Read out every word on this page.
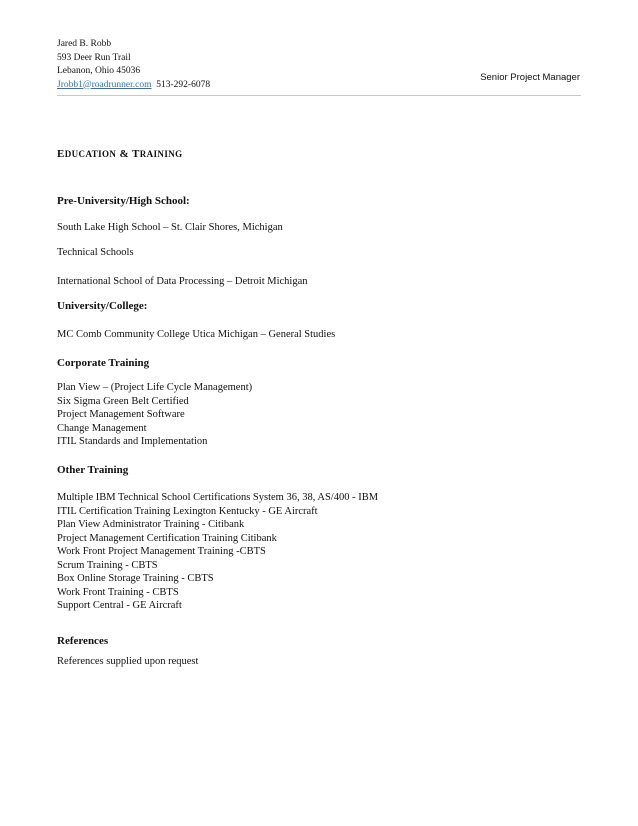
Jared B. Robb
593 Deer Run Trail
Lebanon, Ohio 45036
Jrobb1@roadrunner.com 513-292-6078
Senior Project Manager
EDUCATION & TRAINING
Pre-University/High School:
South Lake High School – St. Clair Shores, Michigan
Technical Schools
International School of Data Processing – Detroit Michigan
University/College:
MC Comb Community College Utica Michigan – General Studies
Corporate Training
Plan View – (Project Life Cycle Management)
Six Sigma Green Belt Certified
Project Management Software
Change Management
ITIL Standards and Implementation
Other Training
Multiple IBM Technical School Certifications System 36, 38, AS/400 - IBM
ITIL Certification Training Lexington Kentucky - GE Aircraft
Plan View Administrator Training - Citibank
Project Management Certification Training Citibank
Work Front Project Management Training -CBTS
Scrum Training - CBTS
Box Online Storage Training - CBTS
Work Front Training - CBTS
Support Central - GE Aircraft
References
References supplied upon request
